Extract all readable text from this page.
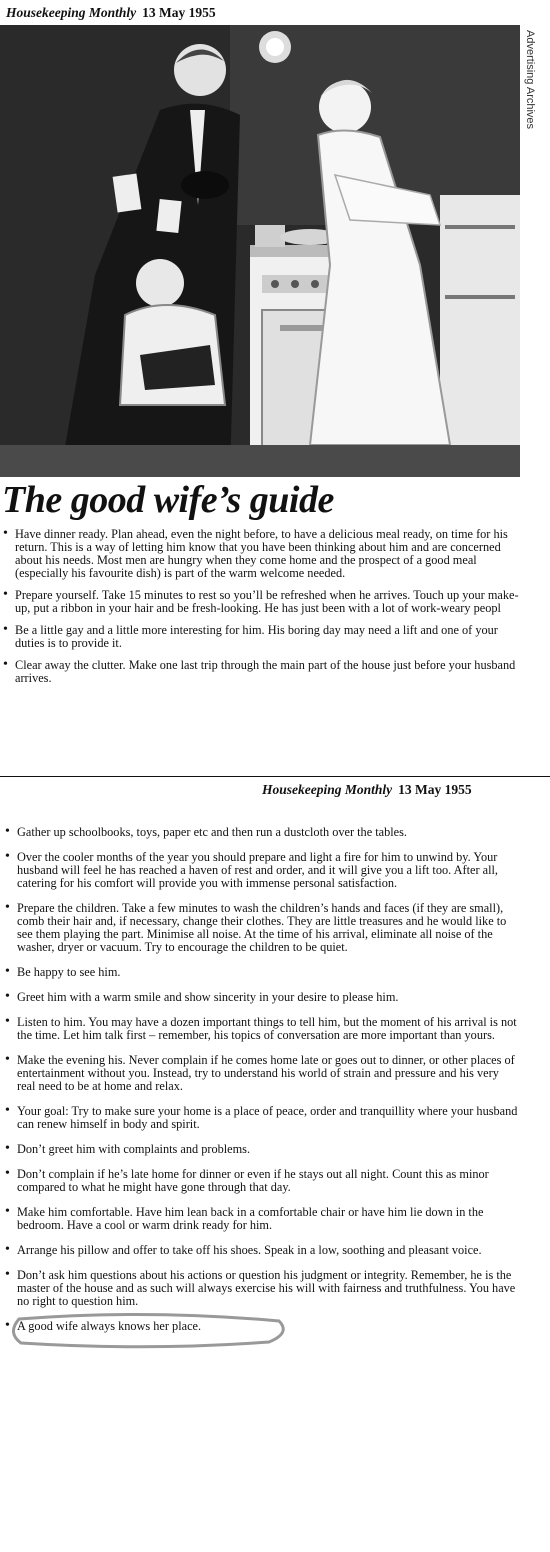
Housekeeping Monthly 13 May 1955
Advertising Archives
The good wife’s guide
• Have dinner ready. Plan ahead, even the night before, to have a delicious meal ready, on time for his return. This is a way of letting him know that you have been thinking about him and are concerned about his needs. Most men are hungry when they come home and the prospect of a good meal (especially his favourite dish) is part of the warm welcome needed.
• Prepare yourself. Take 15 minutes to rest so you’ll be refreshed when he arrives. Touch up your make-up, put a ribbon in your hair and be fresh-looking. He has just been with a lot of work-weary peopl
• Be a little gay and a little more interesting for him. His boring day may need a lift and one of your duties is to provide it.
• Clear away the clutter. Make one last trip through the main part of the house just before your husband arrives.
Housekeeping Monthly 13 May 1955
• Gather up schoolbooks, toys, paper etc and then run a dustcloth over the tables.
• Over the cooler months of the year you should prepare and light a fire for him to unwind by. Your husband will feel he has reached a haven of rest and order, and it will give you a lift too. After all, catering for his comfort will provide you with immense personal satisfaction.
• Prepare the children. Take a few minutes to wash the children’s hands and faces (if they are small), comb their hair and, if necessary, change their clothes. They are little treasures and he would like to see them playing the part. Minimise all noise. At the time of his arrival, eliminate all noise of the washer, dryer or vacuum. Try to encourage the children to be quiet.
• Be happy to see him.
• Greet him with a warm smile and show sincerity in your desire to please him.
• Listen to him. You may have a dozen important things to tell him, but the moment of his arrival is not the time. Let him talk first – remember, his topics of conversation are more important than yours.
• Make the evening his. Never complain if he comes home late or goes out to dinner, or other places of entertainment without you. Instead, try to understand his world of strain and pressure and his very real need to be at home and relax.
• Your goal: Try to make sure your home is a place of peace, order and tranquillity where your husband can renew himself in body and spirit.
• Don’t greet him with complaints and problems.
• Don’t complain if he’s late home for dinner or even if he stays out all night. Count this as minor compared to what he might have gone through that day.
• Make him comfortable. Have him lean back in a comfortable chair or have him lie down in the bedroom. Have a cool or warm drink ready for him.
• Arrange his pillow and offer to take off his shoes. Speak in a low, soothing and pleasant voice.
• Don’t ask him questions about his actions or question his judgment or integrity. Remember, he is the master of the house and as such will always exercise his will with fairness and truthfulness. You have no right to question him.
•
A good wife always knows her place.
